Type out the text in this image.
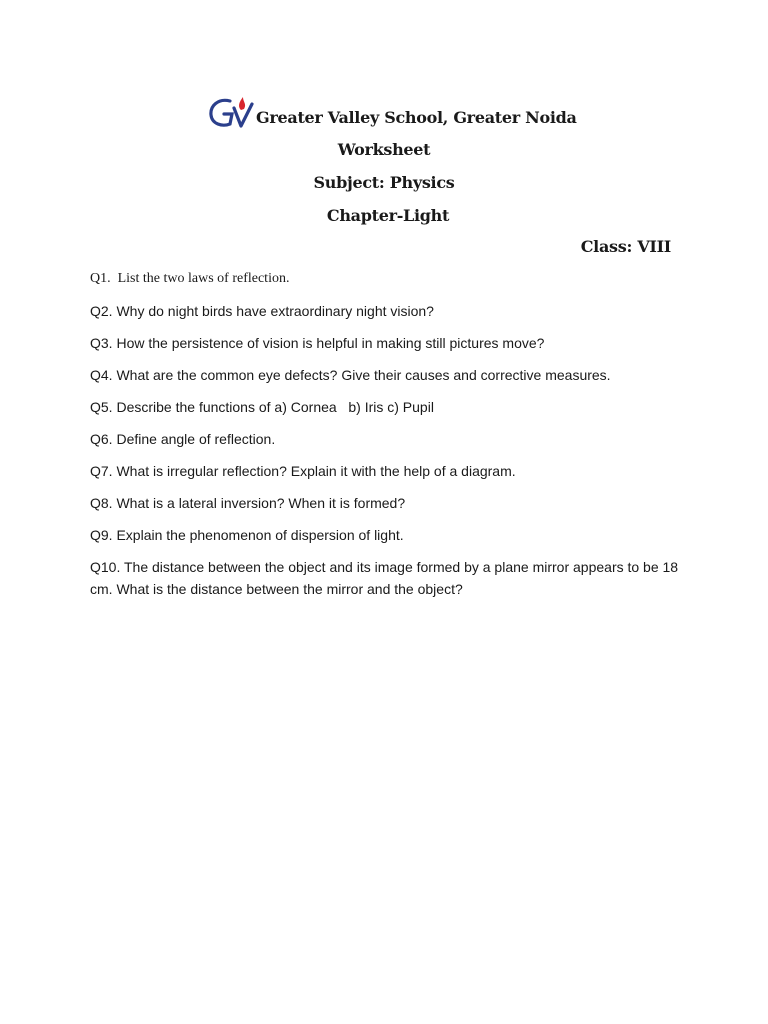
Greater Valley School, Greater Noida
Worksheet
Subject: Physics
Chapter-Light
Class: VIII
Q1.  List the two laws of reflection.
Q2. Why do night birds have extraordinary night vision?
Q3. How the persistence of vision is helpful in making still pictures move?
Q4. What are the common eye defects? Give their causes and corrective measures.
Q5. Describe the functions of a) Cornea   b) Iris c) Pupil
Q6. Define angle of reflection.
Q7. What is irregular reflection? Explain it with the help of a diagram.
Q8. What is a lateral inversion? When it is formed?
Q9. Explain the phenomenon of dispersion of light.
Q10. The distance between the object and its image formed by a plane mirror appears to be 18 cm. What is the distance between the mirror and the object?
